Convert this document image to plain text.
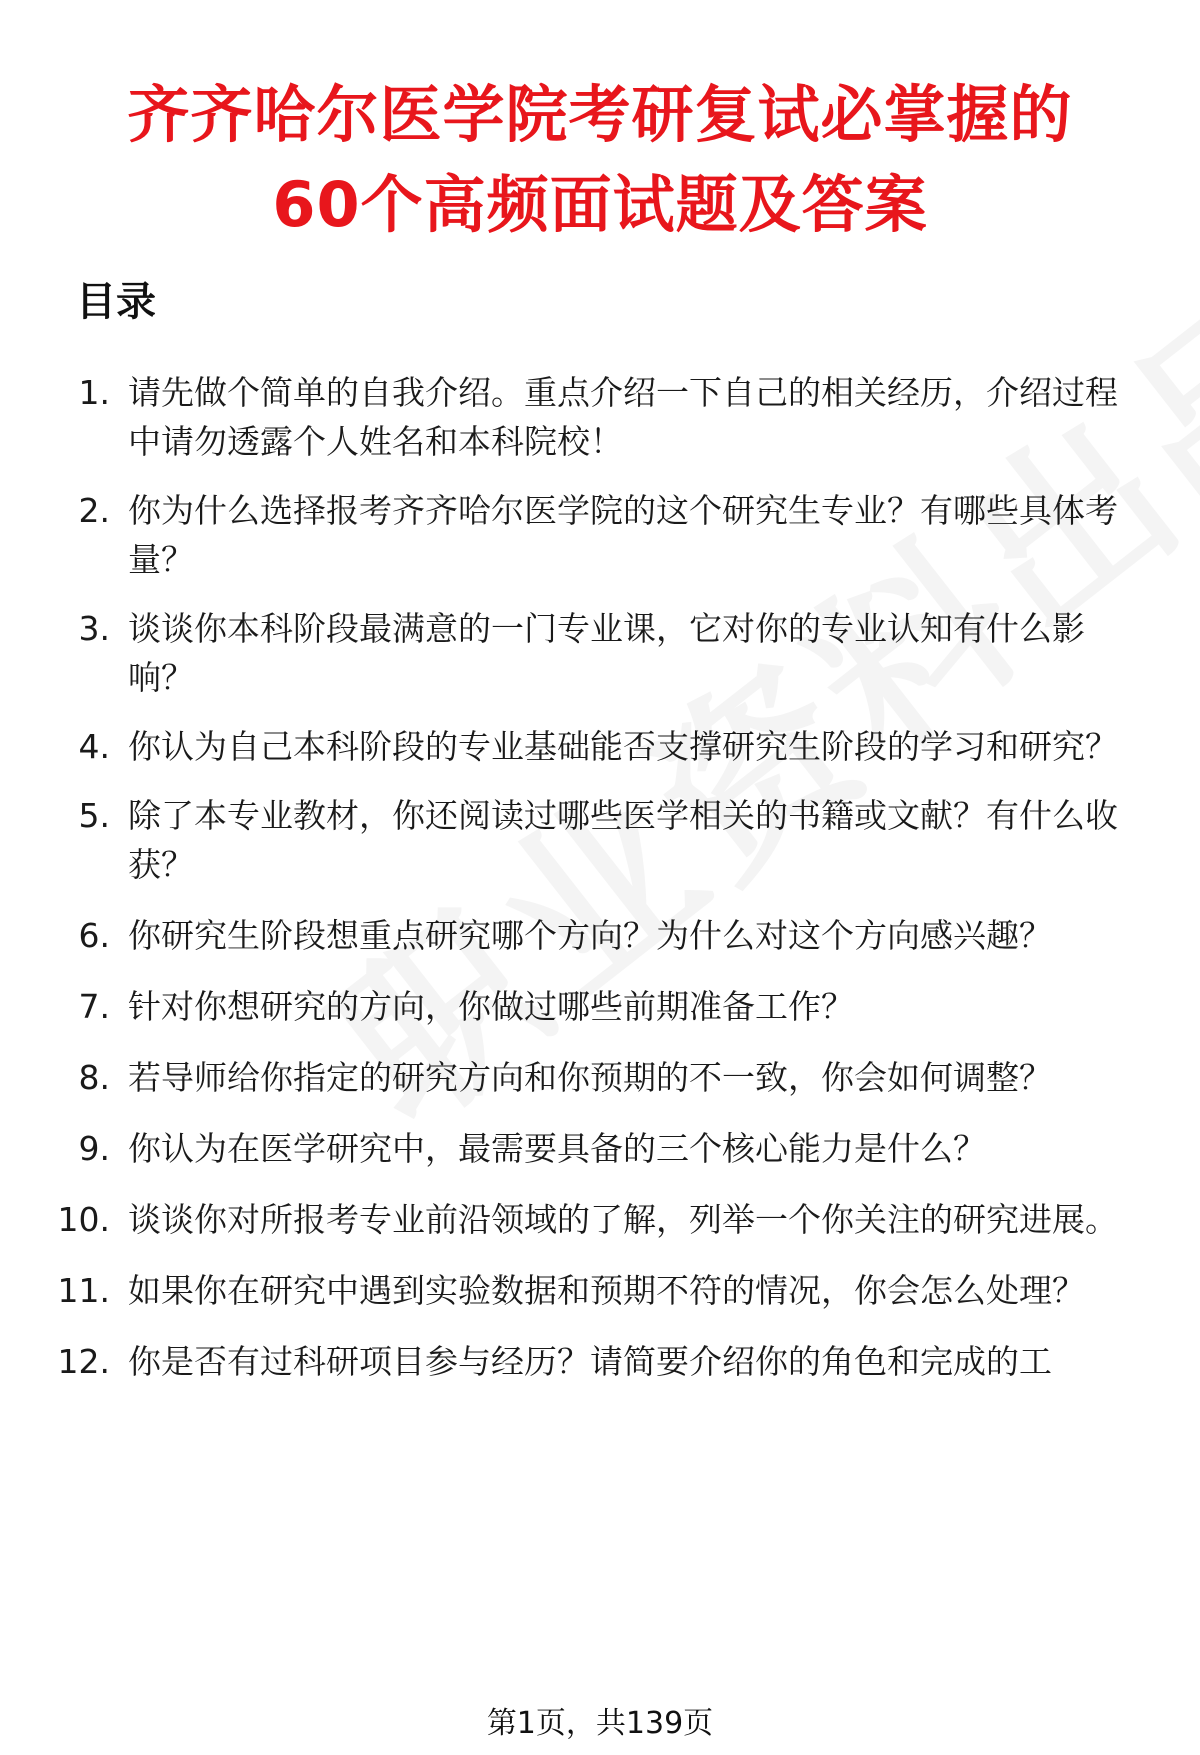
齐齐哈尔医学院考研复试必掌握的
60个高频面试题及答案
目录
1. 请先做个简单的自我介绍。重点介绍一下自己的相关经历，介绍过程中请勿透露个人姓名和本科院校！
2. 你为什么选择报考齐齐哈尔医学院的这个研究生专业？有哪些具体考量？
3. 谈谈你本科阶段最满意的一门专业课，它对你的专业认知有什么影响？
4. 你认为自己本科阶段的专业基础能否支撑研究生阶段的学习和研究？
5. 除了本专业教材，你还阅读过哪些医学相关的书籍或文献？有什么收获？
6. 你研究生阶段想重点研究哪个方向？为什么对这个方向感兴趣？
7. 针对你想研究的方向，你做过哪些前期准备工作？
8. 若导师给你指定的研究方向和你预期的不一致，你会如何调整？
9. 你认为在医学研究中，最需要具备的三个核心能力是什么？
10. 谈谈你对所报考专业前沿领域的了解，列举一个你关注的研究进展。
11. 如果你在研究中遇到实验数据和预期不符的情况，你会怎么处理？
12. 你是否有过科研项目参与经历？请简要介绍你的角色和完成的工
第1页，共139页
